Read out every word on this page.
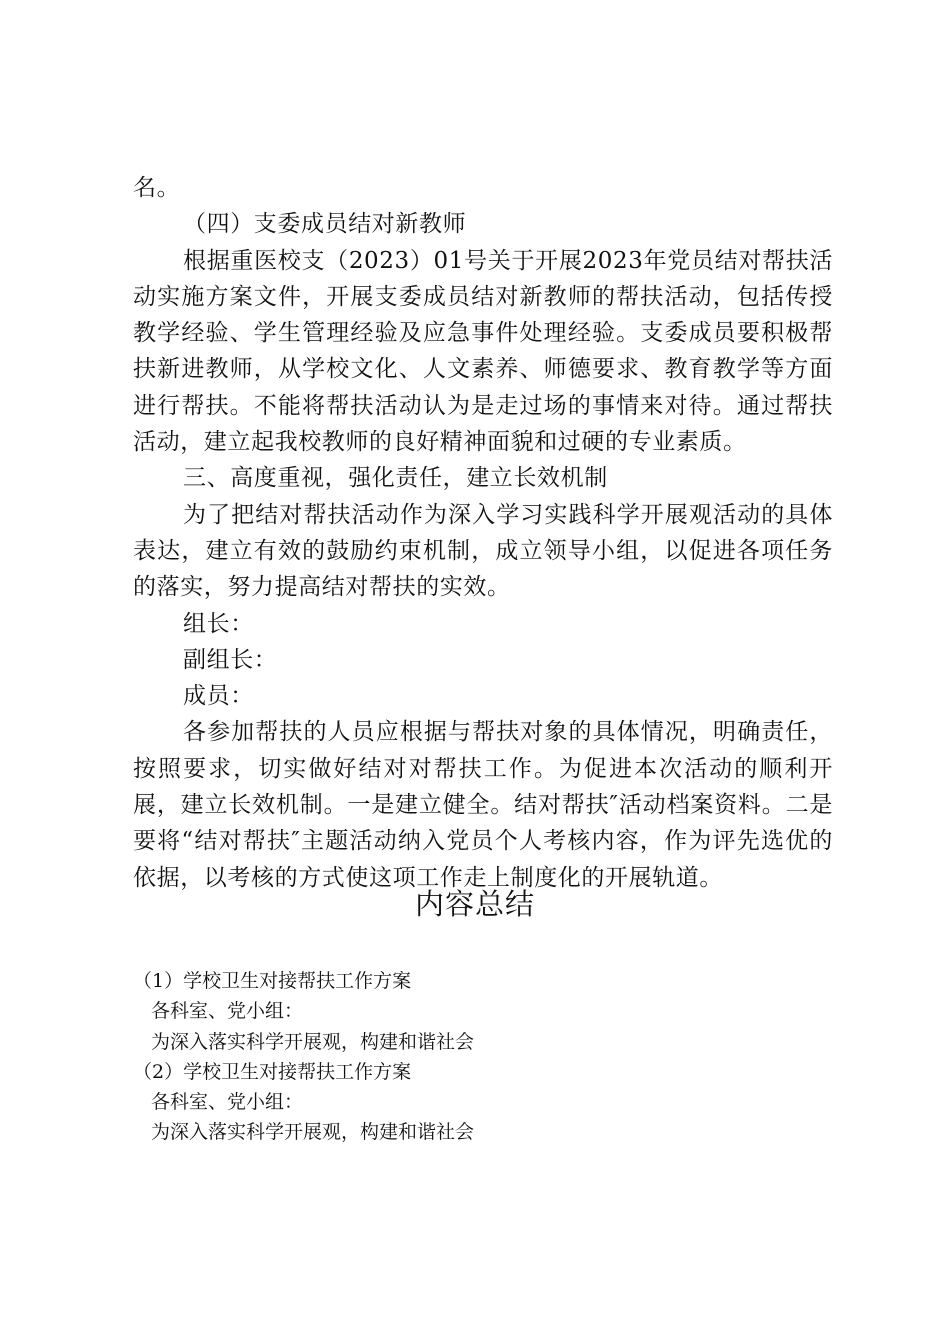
名。

（四）支委成员结对新教师

根据重医校支（2023）01号关于开展2023年党员结对帮扶活动实施方案文件，开展支委成员结对新教师的帮扶活动，包括传授教学经验、学生管理经验及应急事件处理经验。支委成员要积极帮扶新进教师，从学校文化、人文素养、师德要求、教育教学等方面进行帮扶。不能将帮扶活动认为是走过场的事情来对待。通过帮扶活动，建立起我校教师的良好精神面貌和过硬的专业素质。

三、高度重视，强化责任，建立长效机制

为了把结对帮扶活动作为深入学习实践科学开展观活动的具体表达，建立有效的鼓励约束机制，成立领导小组，以促进各项任务的落实，努力提高结对帮扶的实效。

组长：

副组长：

成员：

各参加帮扶的人员应根据与帮扶对象的具体情况，明确责任，按照要求，切实做好结对对帮扶工作。为促进本次活动的顺利开展，建立长效机制。一是建立健全。结对帮扶″活动档案资料。二是要将“结对帮扶″主题活动纳入党员个人考核内容，作为评先选优的依据，以考核的方式使这项工作走上制度化的开展轨道。

内容总结

（1）学校卫生对接帮扶工作方案

各科室、党小组：

为深入落实科学开展观，构建和谐社会

（2）学校卫生对接帮扶工作方案

各科室、党小组：

为深入落实科学开展观，构建和谐社会
